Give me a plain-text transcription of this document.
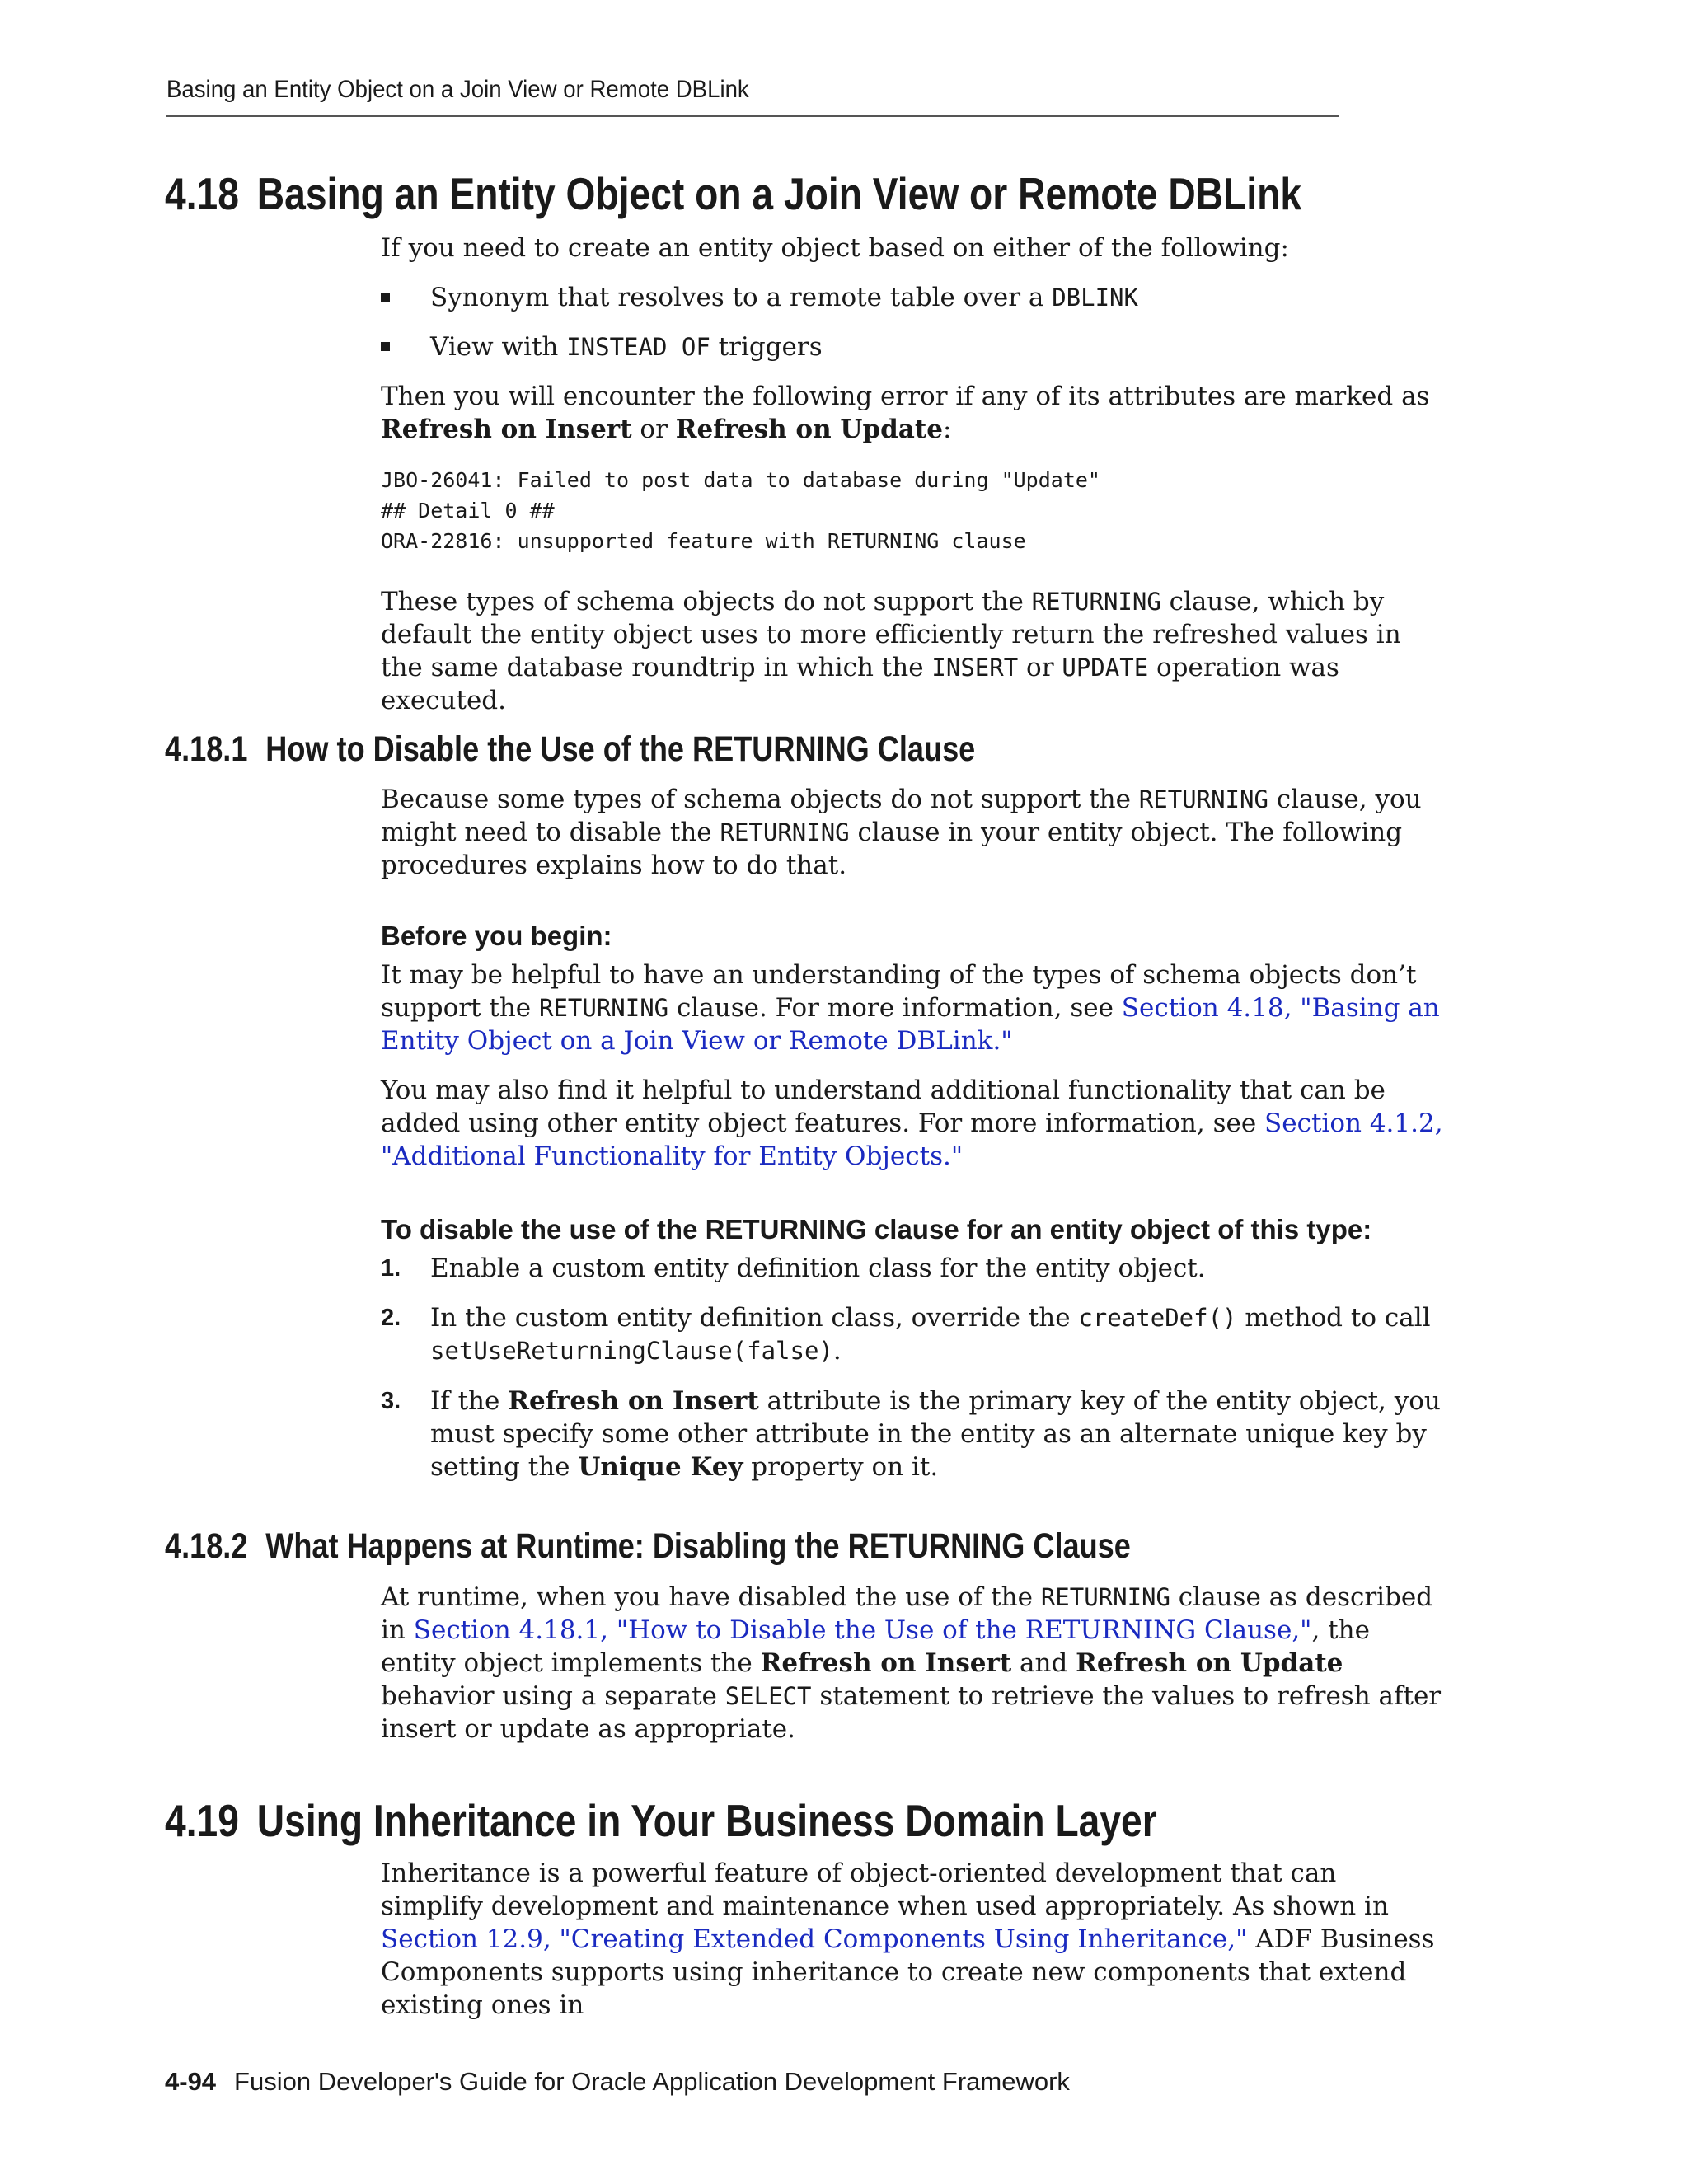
Basing an Entity Object on a Join View or Remote DBLink
4.18 Basing an Entity Object on a Join View or Remote DBLink

If you need to create an entity object based on either of the following:

Synonym that resolves to a remote table over a DBLINK
View with INSTEAD OF triggers

Then you will encounter the following error if any of its attributes are marked as Refresh on Insert or Refresh on Update:

JBO-26041: Failed to post data to database during "Update"
## Detail 0 ##
ORA-22816: unsupported feature with RETURNING clause

These types of schema objects do not support the RETURNING clause, which by default the entity object uses to more efficiently return the refreshed values in the same database roundtrip in which the INSERT or UPDATE operation was executed.

4.18.1 How to Disable the Use of the RETURNING Clause

Because some types of schema objects do not support the RETURNING clause, you might need to disable the RETURNING clause in your entity object. The following procedures explains how to do that.

Before you begin:

It may be helpful to have an understanding of the types of schema objects don’t support the RETURNING clause. For more information, see Section 4.18, "Basing an Entity Object on a Join View or Remote DBLink."

You may also find it helpful to understand additional functionality that can be added using other entity object features. For more information, see Section 4.1.2, "Additional Functionality for Entity Objects."

To disable the use of the RETURNING clause for an entity object of this type:
1. Enable a custom entity definition class for the entity object.
2. In the custom entity definition class, override the createDef() method to call setUseReturningClause(false).
3. If the Refresh on Insert attribute is the primary key of the entity object, you must specify some other attribute in the entity as an alternate unique key by setting the Unique Key property on it.
4.18.2 What Happens at Runtime: Disabling the RETURNING Clause

At runtime, when you have disabled the use of the RETURNING clause as described in Section 4.18.1, "How to Disable the Use of the RETURNING Clause,", the entity object implements the Refresh on Insert and Refresh on Update behavior using a separate SELECT statement to retrieve the values to refresh after insert or update as appropriate.

4.19 Using Inheritance in Your Business Domain Layer

Inheritance is a powerful feature of object-oriented development that can simplify development and maintenance when used appropriately. As shown in Section 12.9, "Creating Extended Components Using Inheritance," ADF Business Components supports using inheritance to create new components that extend existing ones in

4-94 Fusion Developer's Guide for Oracle Application Development Framework
